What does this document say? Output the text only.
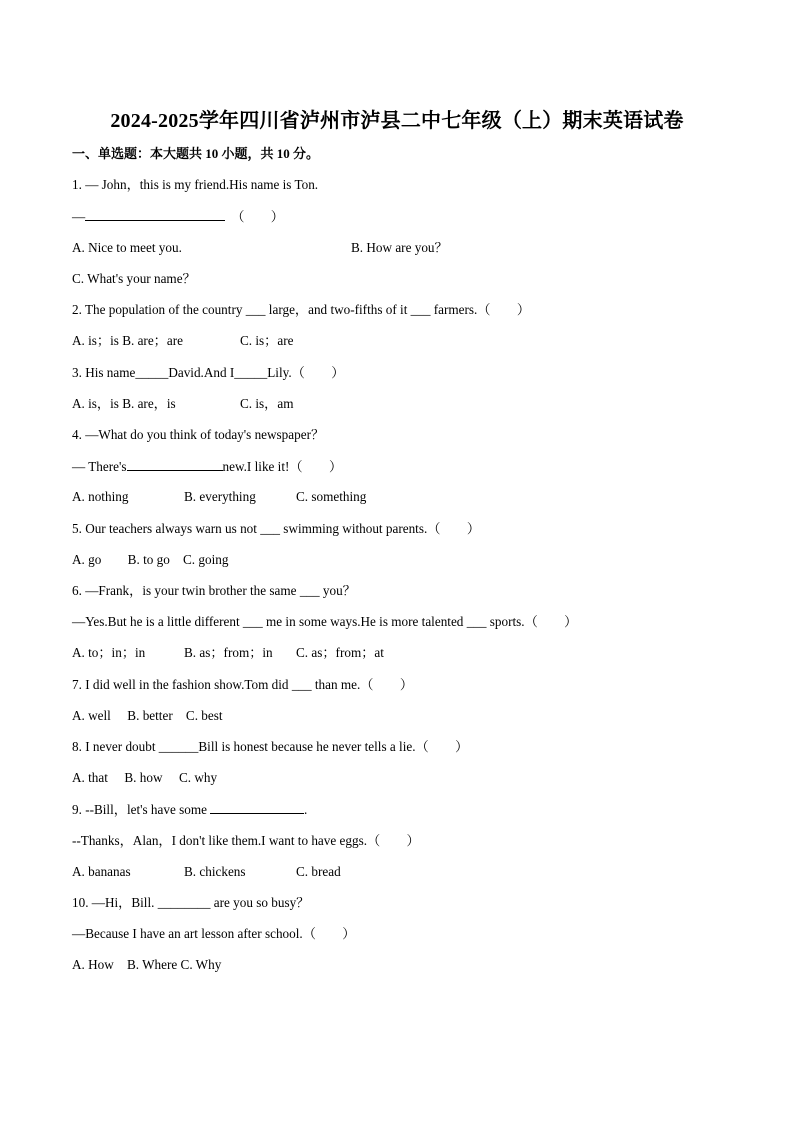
2024-2025学年四川省泸州市泸县二中七年级（上）期末英语试卷
一、单选题：本大题共 10 小题，共 10 分。
1. — John，this is my friend.His name is Ton.
—	（　　）
A. Nice to meet you.	B. How are you？
C. What's your name？
2. The population of the country ___ large，and two-fifths of it ___ farmers.（　　）
A. is；is B. are；are	C. is；are
3. His name_____David.And I_____Lily.（　　）
A. is，is B. are，is	C. is，am
4. —What do you think of today's newspaper？
— There's	new.I like it!（　　）
A. nothing	B. everything	C. something
5. Our teachers always warn us not ___ swimming without parents.（　　）
A. go　　B. to go　C. going
6. —Frank，is your twin brother the same ___ you？
—Yes.But he is a little different ___ me in some ways.He is more talented ___ sports.（　　）
A. to；in；in	B. as；from；in C. as；from；at
7. I did well in the fashion show.Tom did ___ than me.（　　）
A. well　 B. better　C. best
8. I never doubt ______Bill is honest because he never tells a lie.（　　）
A. that　 B. how　 C. why
9. --Bill，let's have some	.
--Thanks，Alan，I don't like them.I want to have eggs.（　　）
A. bananas	B. chickens	C. bread
10. —Hi，Bill. ________ are you so busy？
—Because I have an art lesson after school.（　　）
A. How　B. Where C. Why
